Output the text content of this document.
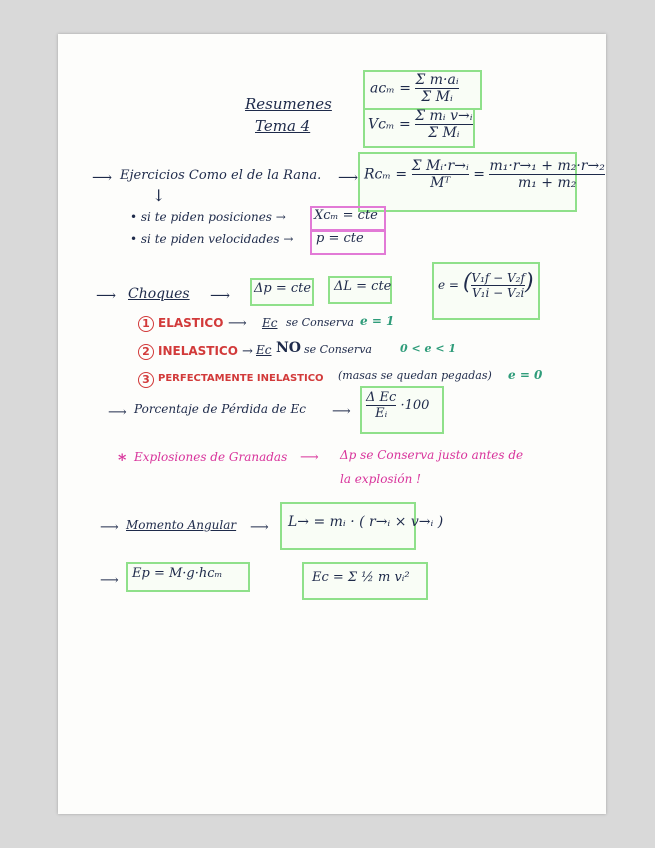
Resumenes
Tema 4
aᴄₘ = $\frac{\text{Σ m·aᵢ}}{\text{Σ Mᵢ}}$
Vᴄₘ = $\frac{\text{Σ mᵢ v→ᵢ}}{\text{Σ Mᵢ}}$
⟶ Ejercicios Como el de la Rana.
↓
⟶ Rᴄₘ = $\frac{\text{Σ Mᵢ·r→ᵢ}}{\text{Mᵀ}} = \frac{\text{m₁·r→₁ + m₂·r→₂}}{\text{m₁ + m₂}}$
• si te piden posiciones → Xᴄₘ = cte
• si te piden velocidades → p = cte
⟶ Choques ⟶ Δp = cte ΔL = cte	e = ( $\frac{\text{V₁f − V₂f}}{\text{V₁i − V₂i}}$ )
1 ELASTICO ⟶ Ec se Conserva e = 1
2 INELASTICO → Ec NO se Conserva	0 < e < 1
3 PERFECTAMENTE INELASTICO (masas se quedan pegadas) e = 0
⟶ Porcentaje de Pérdida de Ec ⟶ $\frac{\text{Δ Ec}}{\text{Eᵢ}} \cdot 100$
* Explosiones de Granadas ⟶ Δp se Conserva justo antes de
la explosión !
⟶ Momento Angular ⟶ L→ = mᵢ · ( r→ᵢ × v→ᵢ )
⟶ Ep = M·g·hᴄₘ	Ec = Σ ½ m vᵢ²
